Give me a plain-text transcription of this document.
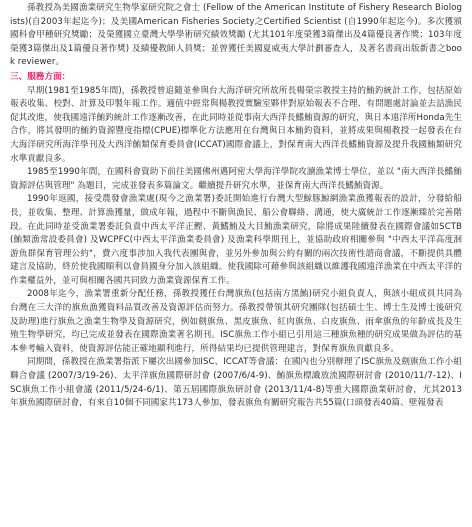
孫教授為美國漁業研究生物學家研究院之會士 (Fellow of the American Institute of Fishery Research Biologists)(自2003年起迄今)；及美國American Fisheries Society之Certified Scientist (自1990年起迄今)。多次獲頒國科會甲種研究獎勵；及榮獲國立臺灣大學學術研究績效獎勵 (尤其101年度榮獲3篇傑出及4篇優良著作獎；103年度榮獲3篇傑出及1篇優良著作獎) 及績優教師人員獎；並曾獲任美國夏威夷大學計劃審查人，及著名書商出版新書之book reviewer。

三、服務方面：

早期(1981至1985年間)，孫教授曾追隨並參與台大海洋研究所故所長楊榮宗教授主持的鮪釣統計工作，包括原始報表收集、校對、計算及印製年報工作。適值中經常與楊教授實驗室夥伴對原始報表不合理、有問題處討論並去詰漁民促其改進，使我國遠洋鮪釣統計工作逐漸改善，在此同時並從事南大西洋長鰭鮪資源的研究，與日本遠洋所Honda先生合作，將其發明的鮪釣資源豐度指標(CPUE)標準化方法應用在台灣與日本鮪釣資料，並將成果與楊教授一起發表在台大海洋研究所海洋學刊及大西洋鮪類保育委員會(ICCAT)國際會議上，對保育南大西洋長鰭鮪資源及提升我國鮪類研究水準貢獻良多。

1985至1990年間，在國科會資助下前往美國佛州邁阿密大學海洋學院攻讀漁業博士學位，並以 "南大西洋長鰭鮪資源評估與管理" 為題目，完成並發表多篇論文。繼續提升研究水準，並保育南大西洋長鰭鮪資源。

1990年返國，接受農發會漁業處(現今之漁業署)委託開始進行台灣大型鯨豚鯨網漁業漁獲報表的設計，分發給船長，並收集、整理、計算漁獲量，做成年報，過程中不斷與漁民、船公會聯絡、溝通，使大廣統計工作逐漸臻於完善階段。在此同時並受漁業署委託負責中西太平洋正鰹、黃鰭鮪及大目鮪漁業研究，除將成果陸續發表在國際會議如SCTB (鮪類漁常設委員會) 及WCPFC(中西太平洋漁業委員會) 及漁業科學期刊上，並協助政府相關參與 "中西太平洋高度洄游魚群保育管理公約"，費六度事涉加入我代表團與會，並另外參加與公約有關的兩次技術性諮商會議，不斷提供具體建言及協助，終於使我國順利以會員國身分加入該組織。使我國除可藉參與該組織以維護我國遠洋漁業在中西太平洋的作業權益外，並可與相關各國共同致力漁業資源保育工作。

2008年迄今，漁業署重新分配任務，孫教授獲任台灣旗魚(包括南方黑鮪)研究小組負責人，與該小組成員共同為台灣在三大洋的旗魚漁獲資料品質改善及資源評估而努力。孫教授帶領其研究團隊(包括碩士生、博士生及博士後研究及助理)進行旗魚之漁業生物學及資源研究，例如劍旗魚、黑皮旗魚、紅肉旗魚、白皮旗魚、雨傘旗魚的年齡成長及生殖生物學研究，均已完成並發表在國際漁業著名期刊。ISC旗魚工作小組已引用這三種旗魚種的研究成果做為評估的基本參考輸入資料，使資源評估能正確地顯利進行，所得結果均已提供管理建言，對保育旗魚貢獻良多。

同期間，孫教授在漁業署指派下屢次出國參加ISC、ICCAT等會議：在國內也分別辦理了ISC旗魚及劍旗魚工作小組聯合會議 (2007/3/19-26)、太平洋旗魚國際研討會 (2007/6/4-9)、鮪旗魚標識放流國際研討會 (2010/11/7-12)、ISC旗魚工作小組會議 (2011/5/24-6/1)、第五屆國際旗魚研討會 (2013/11/4-8)等重大國際漁業研討會，尤其2013年旗魚國際研討會，有來自10個不同國家共173人參加，發表旗魚有關研究報告共55篇(口頭發表40篇、壁報發表
